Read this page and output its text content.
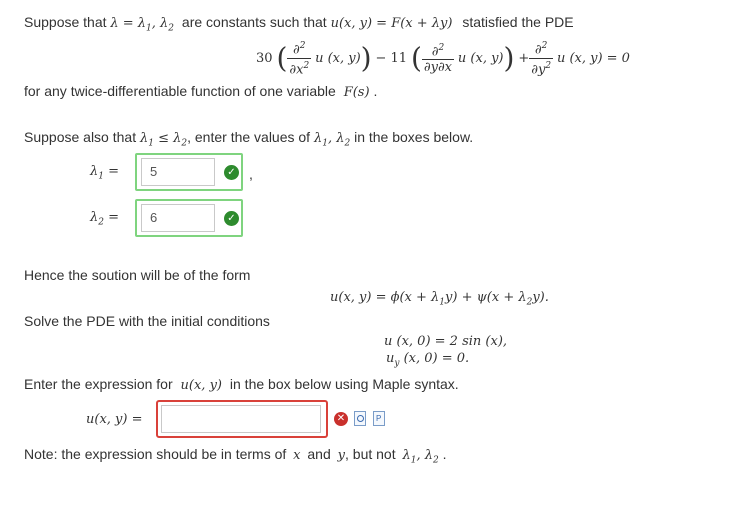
Suppose that $\lambda = \lambda_1$, $\lambda_2$ are constants such that u(x, y) = F(x + λy) statisfied the PDE
30 ( $\frac{\partial^2}{\partial x^2}$ u (x, y)) − 11 ( $\frac{\partial^2}{\partial y\partial x}$ u (x, $y)) + \frac{\partial^2}{\partial y^2}$ u (x, y) = 0
for any twice-differentiable function of one variable F(s) .
Suppose also that $\lambda_1 \le \lambda_2$, enter the values of $\lambda_1$, $\lambda_2$ in the boxes below.
$\lambda_1$ =	5	✓ ,
$\lambda_2$ =	6	✓
Hence the soution will be of the form
u(x, $y) = \phi(x + \lambda_1y) + \psi(x + \lambda_2y)$.
Solve the PDE with the initial conditions
u (x, 0) = 2 sin (x),
$u_y$ (x, 0) = 0.
Enter the expression for u(x, y) in the box below using Maple syntax.
u(x, y) =	✕	P
Note: the expression should be in terms of x and y, but not $\lambda_1$, $\lambda_2$ .
